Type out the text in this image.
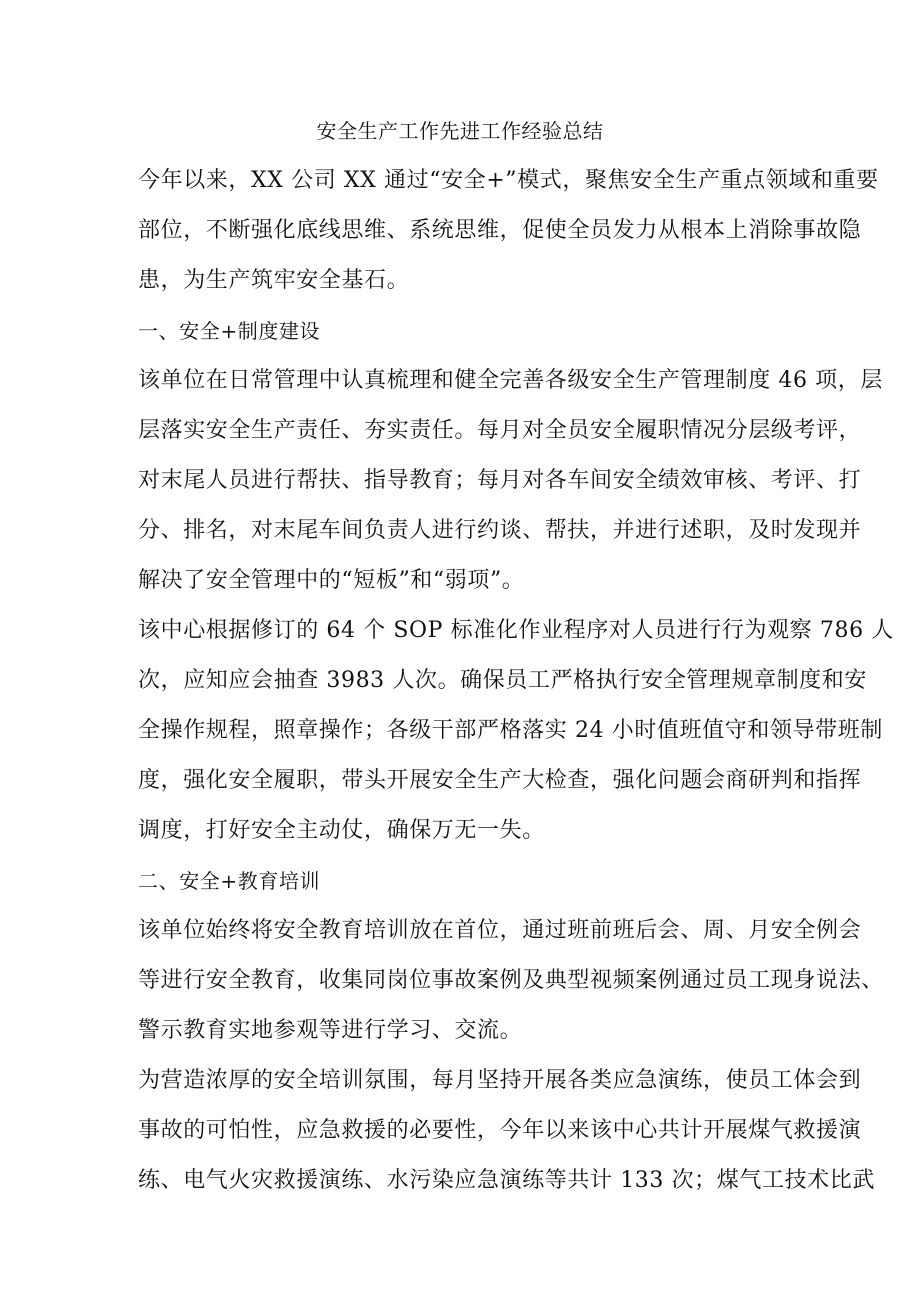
安全生产工作先进工作经验总结
今年以来，XX 公司 XX 通过“安全+”模式，聚焦安全生产重点领域和重要
部位，不断强化底线思维、系统思维，促使全员发力从根本上消除事故隐
患，为生产筑牢安全基石。
一、安全+制度建设
该单位在日常管理中认真梳理和健全完善各级安全生产管理制度 46 项，层
层落实安全生产责任、夯实责任。每月对全员安全履职情况分层级考评，
对末尾人员进行帮扶、指导教育；每月对各车间安全绩效审核、考评、打
分、排名，对末尾车间负责人进行约谈、帮扶，并进行述职，及时发现并
解决了安全管理中的“短板”和“弱项”。
该中心根据修订的 64 个 SOP 标准化作业程序对人员进行行为观察 786 人
次，应知应会抽查 3983 人次。确保员工严格执行安全管理规章制度和安
全操作规程，照章操作；各级干部严格落实 24 小时值班值守和领导带班制
度，强化安全履职，带头开展安全生产大检查，强化问题会商研判和指挥
调度，打好安全主动仗，确保万无一失。
二、安全+教育培训
该单位始终将安全教育培训放在首位，通过班前班后会、周、月安全例会
等进行安全教育，收集同岗位事故案例及典型视频案例通过员工现身说法、
警示教育实地参观等进行学习、交流。
为营造浓厚的安全培训氛围，每月坚持开展各类应急演练，使员工体会到
事故的可怕性，应急救援的必要性，今年以来该中心共计开展煤气救援演
练、电气火灾救援演练、水污染应急演练等共计 133 次；煤气工技术比武
